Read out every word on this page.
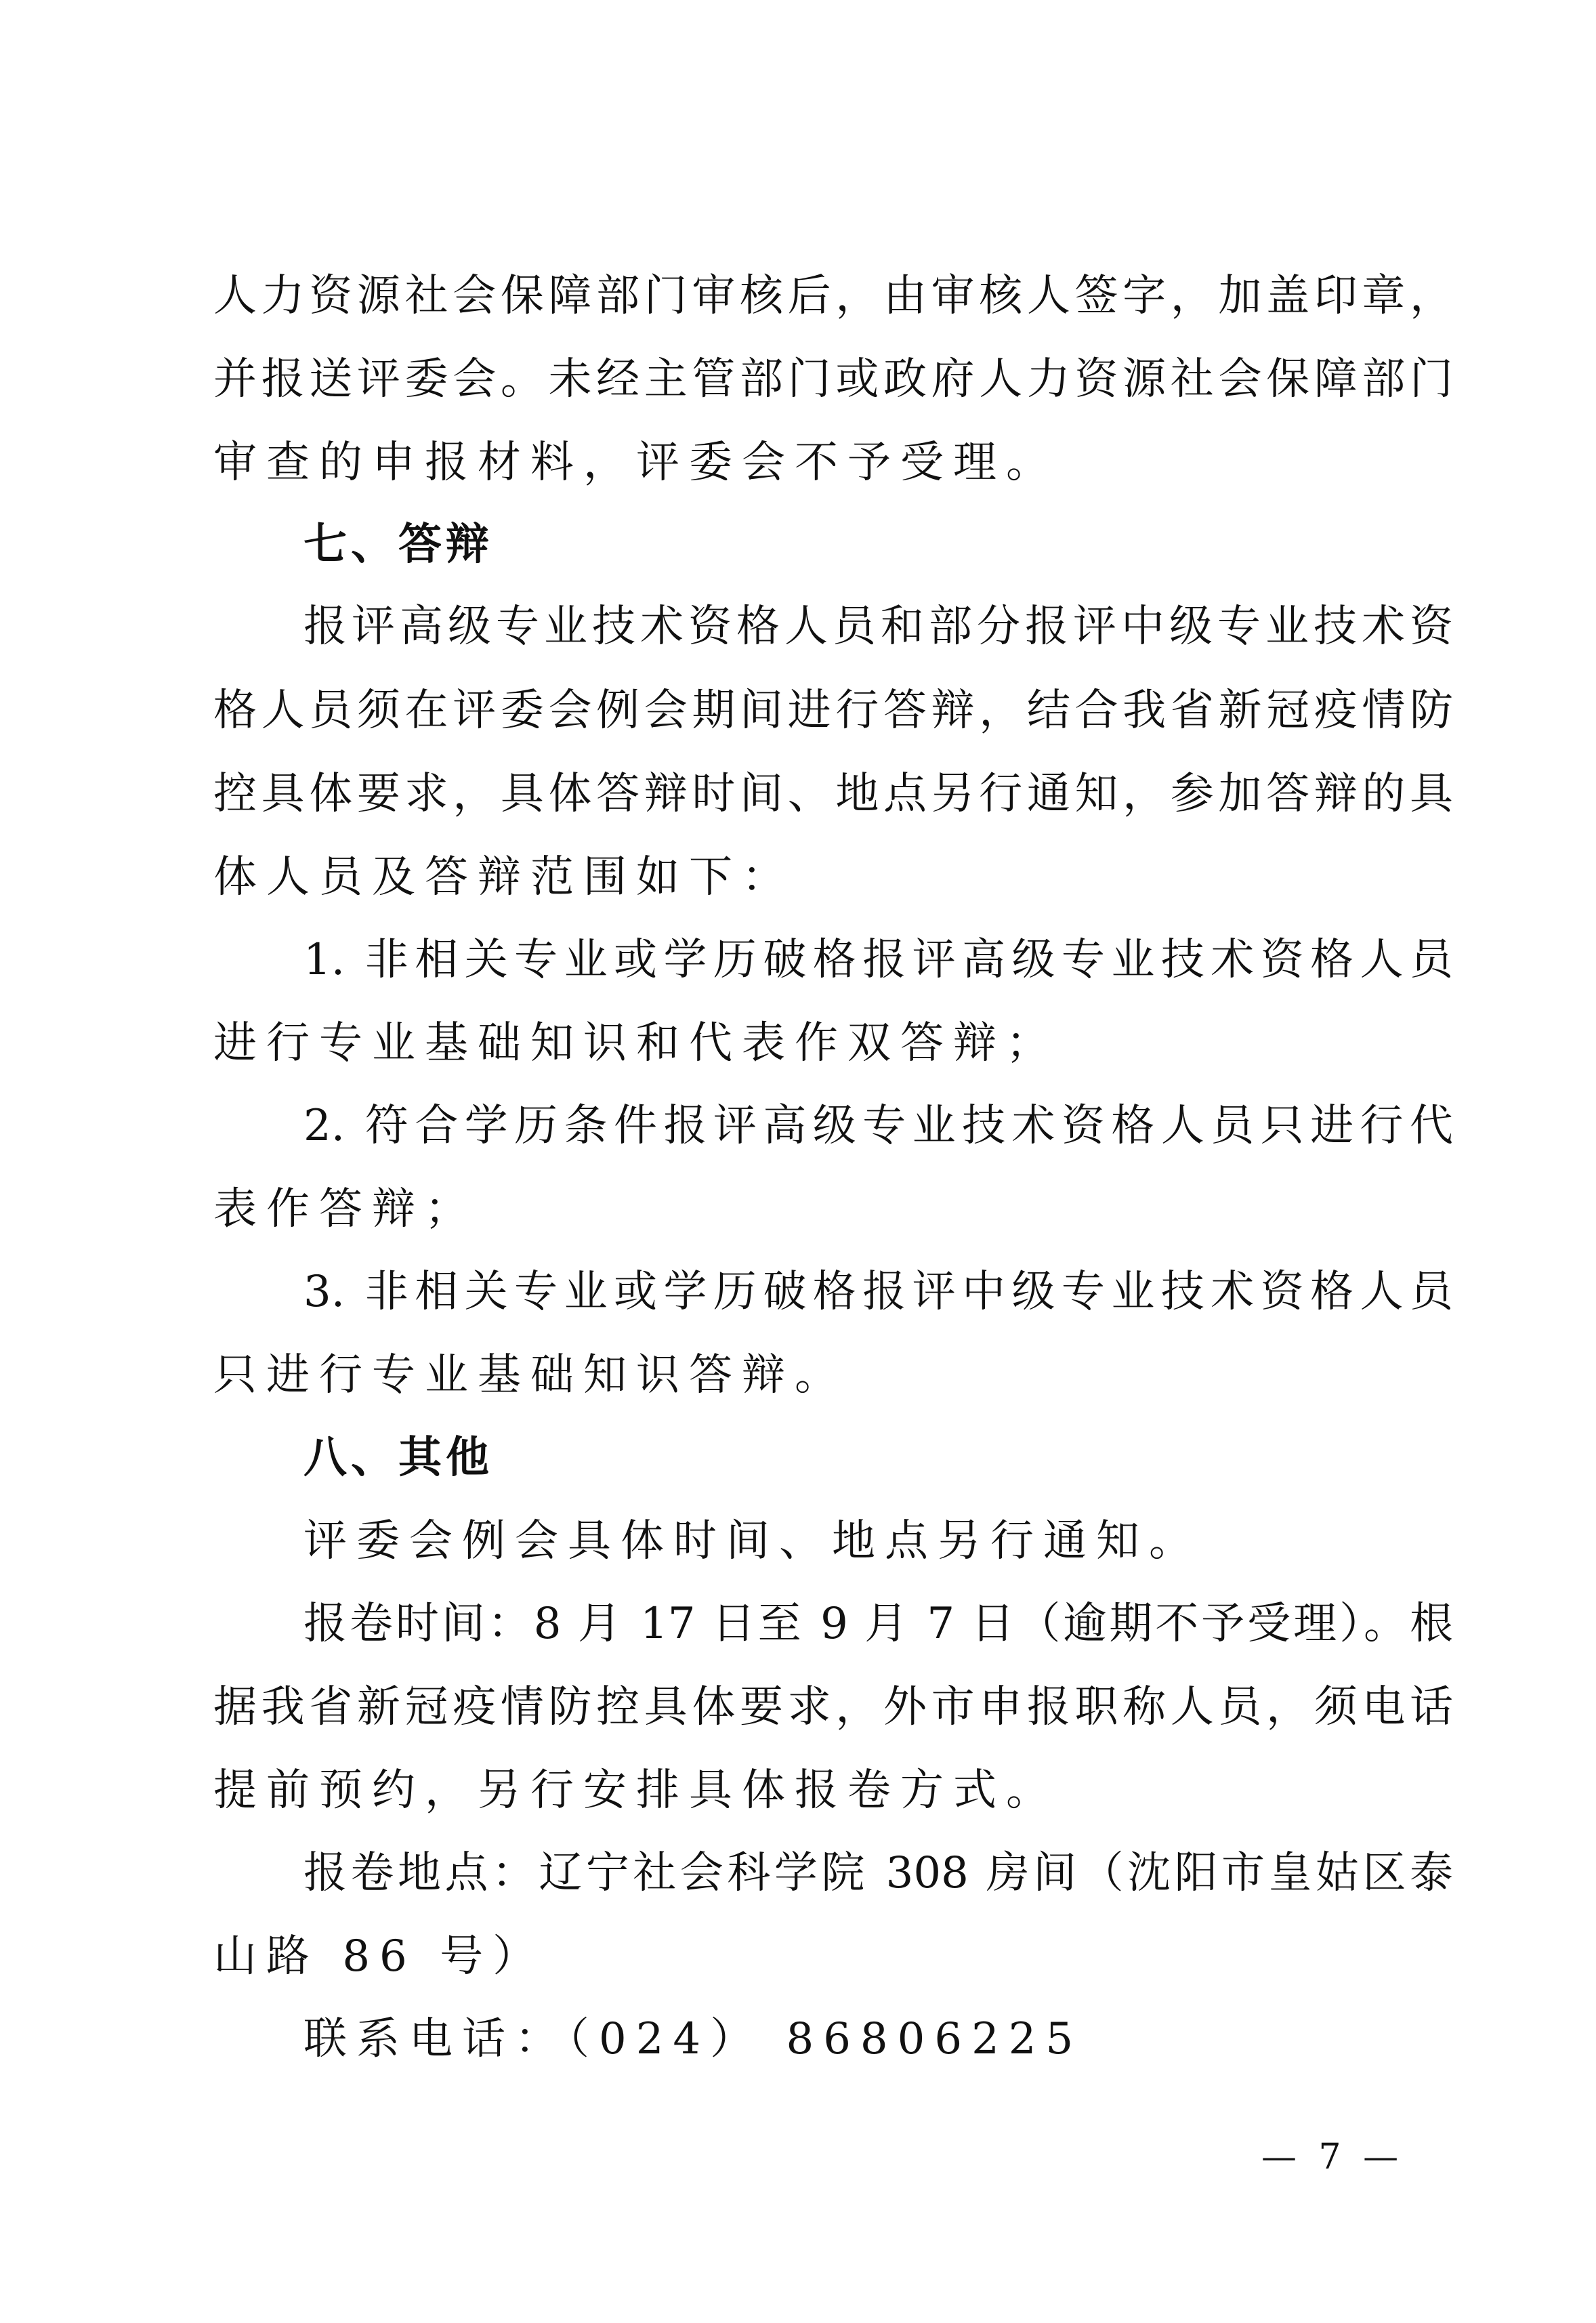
人力资源社会保障部门审核后，由审核人签字，加盖印章，
并报送评委会。未经主管部门或政府人力资源社会保障部门
审查的申报材料，评委会不予受理。
七、答辩
报评高级专业技术资格人员和部分报评中级专业技术资
格人员须在评委会例会期间进行答辩，结合我省新冠疫情防
控具体要求，具体答辩时间、地点另行通知，参加答辩的具
体人员及答辩范围如下：
1. 非相关专业或学历破格报评高级专业技术资格人员
进行专业基础知识和代表作双答辩；
2. 符合学历条件报评高级专业技术资格人员只进行代
表作答辩；
3. 非相关专业或学历破格报评中级专业技术资格人员
只进行专业基础知识答辩。
八、其他
评委会例会具体时间、地点另行通知。
报卷时间：8 月 17 日至 9 月 7 日（逾期不予受理）。根
据我省新冠疫情防控具体要求，外市申报职称人员，须电话
提前预约，另行安排具体报卷方式。
报卷地点：辽宁社会科学院 308 房间（沈阳市皇姑区泰
山路 86 号）
联系电话：（024） 86806225
— 7 —
